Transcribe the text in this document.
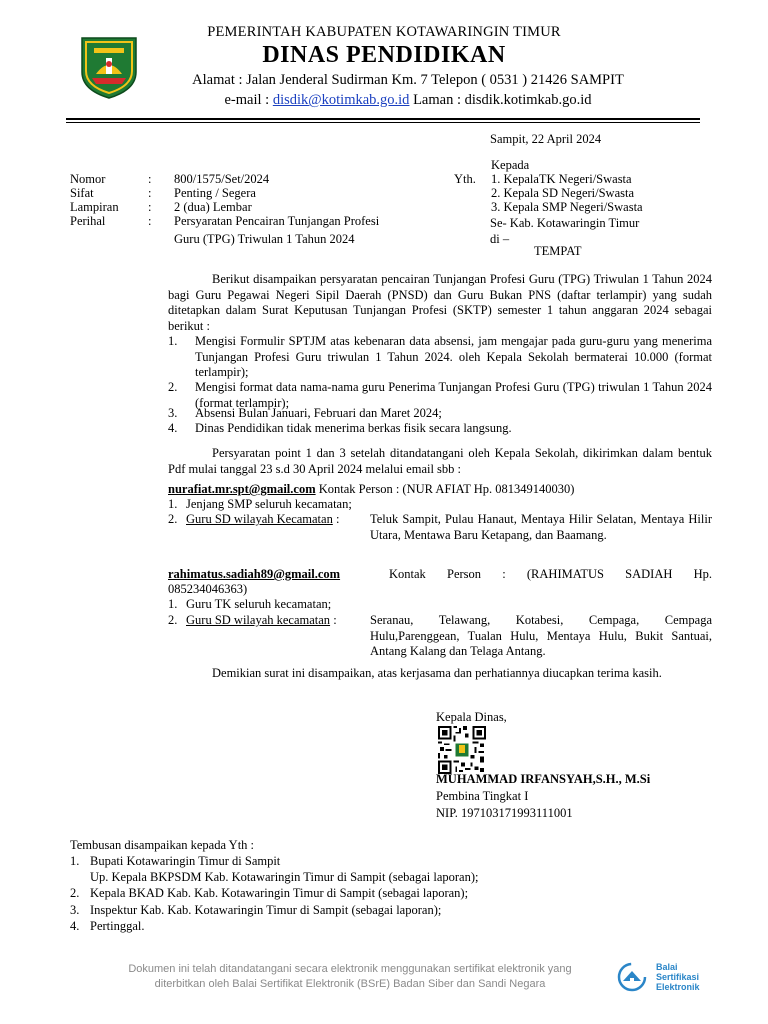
PEMERINTAH KABUPATEN KOTAWARINGIN TIMUR
DINAS PENDIDIKAN
Alamat : Jalan Jenderal Sudirman Km. 7 Telepon ( 0531 ) 21426 SAMPIT
e-mail : disdik@kotimkab.go.id Laman : disdik.kotimkab.go.id
Sampit, 22 April 2024
Kepada
Yth. 1. KepalaTK Negeri/Swasta
2. Kepala SD Negeri/Swasta
3. Kepala SMP Negeri/Swasta
Se- Kab. Kotawaringin Timur
di –
TEMPAT
Nomor	:	800/1575/Set/2024
Sifat	:	Penting / Segera
Lampiran	:	2 (dua) Lembar
Perihal	:	Persyaratan Pencairan Tunjangan Profesi
Guru (TPG) Triwulan 1 Tahun 2024
Berikut disampaikan persyaratan pencairan Tunjangan Profesi Guru (TPG) Triwulan 1 Tahun 2024 bagi Guru Pegawai Negeri Sipil Daerah (PNSD) dan Guru Bukan PNS (daftar terlampir) yang sudah ditetapkan dalam Surat Keputusan Tunjangan Profesi (SKTP) semester 1 tahun anggaran 2024 sebagai berikut :
1.	Mengisi Formulir SPTJM atas kebenaran data absensi, jam mengajar pada guru-guru yang menerima Tunjangan Profesi Guru triwulan 1 Tahun 2024. oleh Kepala Sekolah bermaterai 10.000 (format terlampir);
2.	Mengisi format data nama-nama guru Penerima Tunjangan Profesi Guru (TPG) triwulan 1 Tahun 2024 (format terlampir);
3.	Absensi Bulan Januari, Februari dan Maret 2024;
4.	Dinas Pendidikan tidak menerima berkas fisik secara langsung.
Persyaratan point 1 dan 3 setelah ditandatangani oleh Kepala Sekolah, dikirimkan dalam bentuk Pdf mulai tanggal 23 s.d 30 April 2024 melalui email sbb :
nurafiat.mr.spt@gmail.com Kontak Person : (NUR AFIAT Hp. 081349140030)
1. Jenjang SMP seluruh kecamatan;
2. Guru SD wilayah Kecamatan : Teluk Sampit, Pulau Hanaut, Mentaya Hilir Selatan, Mentaya Hilir Utara, Mentawa Baru Ketapang, dan Baamang.
rahimatus.sadiah89@gmail.com	Kontak Person : (RAHIMATUS SADIAH Hp.
085234046363)
1. Guru TK seluruh kecamatan;
2. Guru SD wilayah kecamatan :	Seranau, Telawang, Kotabesi, Cempaga, Cempaga Hulu,Parenggean, Tualan Hulu, Mentaya Hulu, Bukit Santuai, Antang Kalang dan Telaga Antang.
Demikian surat ini disampaikan, atas kerjasama dan perhatiannya diucapkan terima kasih.
Kepala Dinas,
MUHAMMAD IRFANSYAH,S.H., M.Si
Pembina Tingkat I
NIP. 197103171993111001
Tembusan disampaikan kepada Yth :
1. Bupati Kotawaringin Timur di Sampit
Up. Kepala BKPSDM Kab. Kotawaringin Timur di Sampit (sebagai laporan);
2. Kepala BKAD Kab. Kab. Kotawaringin Timur di Sampit (sebagai laporan);
3. Inspektur Kab. Kab. Kotawaringin Timur di Sampit (sebagai laporan);
4. Pertinggal.
Dokumen ini telah ditandatangani secara elektronik menggunakan sertifikat elektronik yang
diterbitkan oleh Balai Sertifikat Elektronik (BSrE) Badan Siber dan Sandi Negara
Balai
Sertifikasi
Elektronik
